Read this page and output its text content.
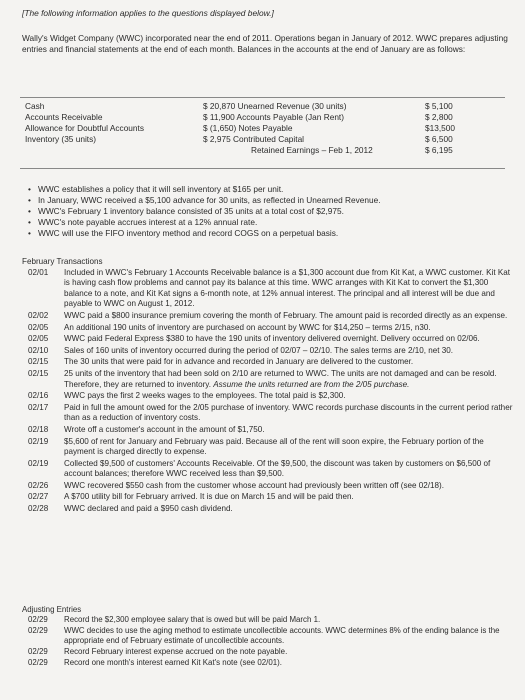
[The following information applies to the questions displayed below.]
Wally's Widget Company (WWC) incorporated near the end of 2011. Operations began in January of 2012. WWC prepares adjusting entries and financial statements at the end of each month. Balances in the accounts at the end of January are as follows:
Cash
Accounts Receivable
Allowance for Doubtful Accounts
Inventory (35 units)
$ 20,870 Unearned Revenue (30 units)
$ 11,900 Accounts Payable (Jan Rent)
$ (1,650) Notes Payable
$ 2,975 Contributed Capital
Retained Earnings – Feb 1, 2012
$ 5,100
$ 2,800
$13,500
$ 6,500
$ 6,195
• WWC establishes a policy that it will sell inventory at $165 per unit.
• In January, WWC received a $5,100 advance for 30 units, as reflected in Unearned Revenue.
• WWC's February 1 inventory balance consisted of 35 units at a total cost of $2,975.
• WWC's note payable accrues interest at a 12% annual rate.
• WWC will use the FIFO inventory method and record COGS on a perpetual basis.
February Transactions
02/01 Included in WWC's February 1 Accounts Receivable balance is a $1,300 account due from Kit Kat, a WWC customer. Kit Kat is having cash flow problems and cannot pay its balance at this time. WWC arranges with Kit Kat to convert the $1,300 balance to a note, and Kit Kat signs a 6-month note, at 12% annual interest. The principal and all interest will be due and payable to WWC on August 1, 2012.
02/02 WWC paid a $800 insurance premium covering the month of February. The amount paid is recorded directly as an expense.
02/05 An additional 190 units of inventory are purchased on account by WWC for $14,250 – terms 2/15, n30.
02/05 WWC paid Federal Express $380 to have the 190 units of inventory delivered overnight. Delivery occurred on 02/06.
02/10 Sales of 160 units of inventory occurred during the period of 02/07 – 02/10. The sales terms are 2/10, net 30.
02/15 The 30 units that were paid for in advance and recorded in January are delivered to the customer.
02/15 25 units of the inventory that had been sold on 2/10 are returned to WWC. The units are not damaged and can be resold. Therefore, they are returned to inventory. Assume the units returned are from the 2/05 purchase.
02/16 WWC pays the first 2 weeks wages to the employees. The total paid is $2,300.
02/17 Paid in full the amount owed for the 2/05 purchase of inventory. WWC records purchase discounts in the current period rather than as a reduction of inventory costs.
02/18 Wrote off a customer's account in the amount of $1,750.
02/19 $5,600 of rent for January and February was paid. Because all of the rent will soon expire, the February portion of the payment is charged directly to expense.
02/19 Collected $9,500 of customers' Accounts Receivable. Of the $9,500, the discount was taken by customers on $6,500 of account balances; therefore WWC received less than $9,500.
02/26 WWC recovered $550 cash from the customer whose account had previously been written off (see 02/18).
02/27 A $700 utility bill for February arrived. It is due on March 15 and will be paid then.
02/28 WWC declared and paid a $950 cash dividend.
Adjusting Entries
02/29 Record the $2,300 employee salary that is owed but will be paid March 1.
02/29 WWC decides to use the aging method to estimate uncollectible accounts. WWC determines 8% of the ending balance is the appropriate end of February estimate of uncollectible accounts.
02/29 Record February interest expense accrued on the note payable.
02/29 Record one month's interest earned Kit Kat's note (see 02/01).
